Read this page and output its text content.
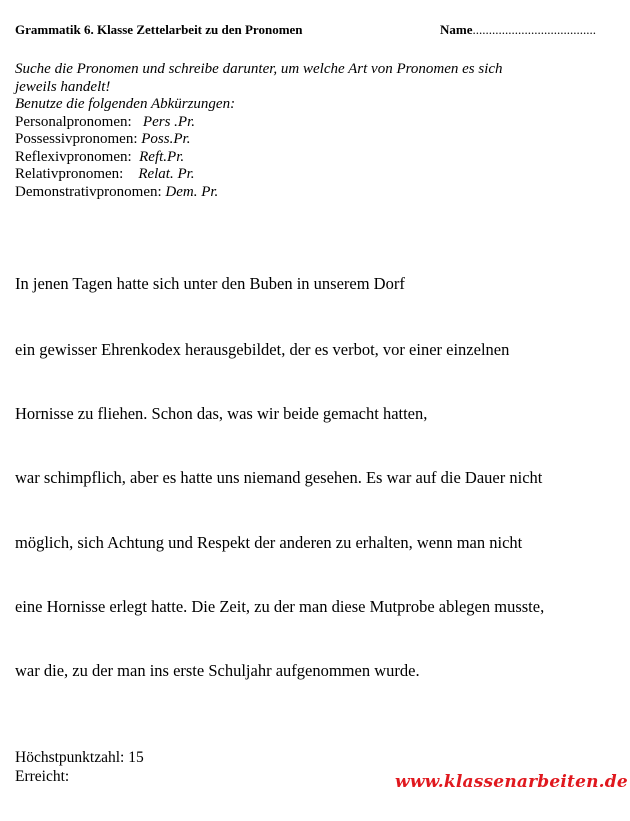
Grammatik 6. Klasse Zettelarbeit zu den Pronomen	Name......................................
Suche die Pronomen und schreibe darunter, um welche Art von Pronomen es sich
jeweils handelt!
Benutze die folgenden Abkürzungen:
Personalpronomen: Pers .Pr.
Possessivpronomen: Poss.Pr.
Reflexivpronomen: Reft.Pr.
Relativpronomen: Relat. Pr.
Demonstrativpronomen: Dem. Pr.
In jenen Tagen hatte sich unter den Buben in unserem Dorf
ein gewisser Ehrenkodex herausgebildet, der es verbot, vor einer einzelnen
Hornisse zu fliehen. Schon das, was wir beide gemacht hatten,
war schimpflich, aber es hatte uns niemand gesehen. Es war auf die Dauer nicht
möglich, sich Achtung und Respekt der anderen zu erhalten, wenn man nicht
eine Hornisse erlegt hatte. Die Zeit, zu der man diese Mutprobe ablegen musste,
war die, zu der man ins erste Schuljahr aufgenommen wurde.
Höchstpunktzahl: 15
Erreicht:	www.klassenarbeiten.de
